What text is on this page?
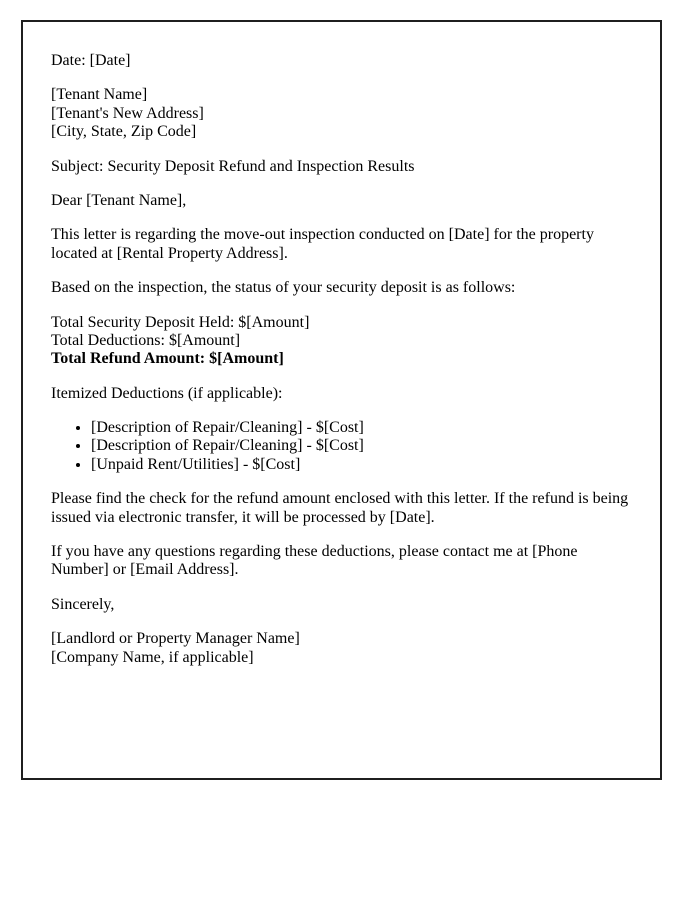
Date: [Date]

[Tenant Name]
[Tenant's New Address]
[City, State, Zip Code]

Subject: Security Deposit Refund and Inspection Results

Dear [Tenant Name],

This letter is regarding the move-out inspection conducted on [Date] for the property
located at [Rental Property Address].

Based on the inspection, the status of your security deposit is as follows:

Total Security Deposit Held: $[Amount]
Total Deductions: $[Amount]
Total Refund Amount: $[Amount]

Itemized Deductions (if applicable):

• [Description of Repair/Cleaning] - $[Cost]
• [Description of Repair/Cleaning] - $[Cost]
• [Unpaid Rent/Utilities] - $[Cost]

Please find the check for the refund amount enclosed with this letter. If the refund is being
issued via electronic transfer, it will be processed by [Date].

If you have any questions regarding these deductions, please contact me at [Phone
Number] or [Email Address].

Sincerely,

[Landlord or Property Manager Name]
[Company Name, if applicable]
